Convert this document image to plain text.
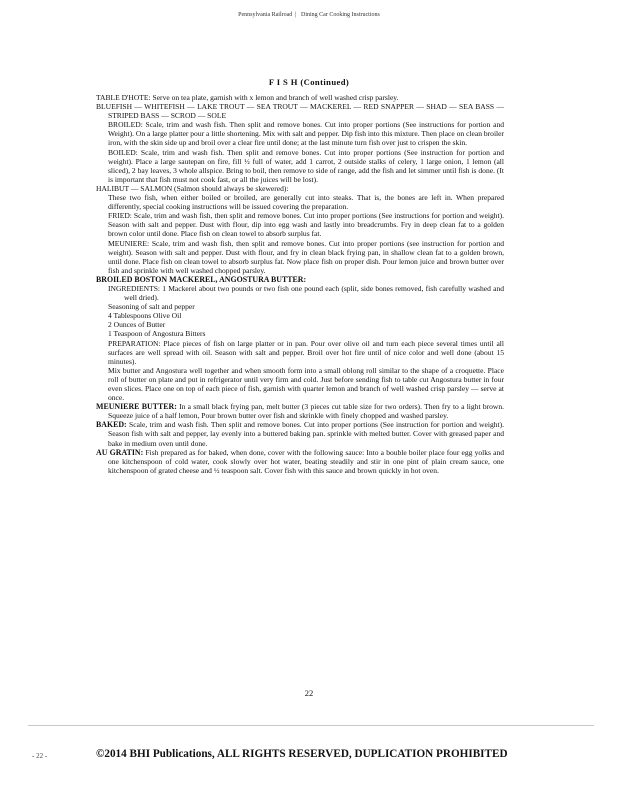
Pennsylvania Railroad  |   Dining Car Cooking Instructions
F I S H (Continued)

TABLE D'HOTE: Serve on tea plate, garnish with x lemon and branch of well washed crisp parsley.

BLUEFISH — WHITEFISH — LAKE TROUT — SEA TROUT — MACKEREL — RED SNAPPER — SHAD — SEA BASS — STRIPED BASS — SCROD — SOLE

BROILED: Scale, trim and wash fish. Then split and remove bones. Cut into proper portions (See instructions for portion and Weight). On a large platter pour a little shortening. Mix with salt and pepper. Dip fish into this mixture. Then place on clean broiler iron, with the skin side up and broil over a clear fire until done; at the last minute turn fish over just to crispen the skin.

BOILED: Scale, trim and wash fish. Then split and remove bones. Cut into proper portions (See instruction for portion and weight). Place a large sautepan on fire, fill ½ full of water, add 1 carrot, 2 outside stalks of celery, 1 large onion, 1 lemon (all sliced), 2 bay leaves, 3 whole allspice. Bring to boil, then remove to side of range, add the fish and let simmer until fish is done. (It is important that fish must not cook fast, or all the juices will be lost).

HALIBUT — SALMON (Salmon should always be skewered):

These two fish, when either boiled or broiled, are generally cut into steaks. That is, the bones are left in. When prepared differently, special cooking instructions will be issued covering the preparation.

FRIED: Scale, trim and wash fish, then split and remove bones. Cut into proper portions (See instructions for portion and weight). Season with salt and pepper. Dust with flour, dip into egg wash and lastly into breadcrumbs. Fry in deep clean fat to a golden brown color until done. Place fish on clean towel to absorb surplus fat.

MEUNIERE: Scale, trim and wash fish, then split and remove bones. Cut into proper portions (see instruction for portion and weight). Season with salt and pepper. Dust with flour, and fry in clean black frying pan, in shallow clean fat to a golden brown, until done. Place fish on clean towel to absorb surplus fat. Now place fish on proper dish. Pour lemon juice and brown butter over fish and sprinkle with well washed chopped parsley.

BROILED BOSTON MACKEREL, ANGOSTURA BUTTER:

INGREDIENTS: 1 Mackerel about two pounds or two fish one pound each (split, side bones removed, fish carefully washed and well dried).

Seasoning of salt and pepper

4 Tablespoons Olive Oil

2 Ounces of Butter

1 Teaspoon of Angostura Bitters

PREPARATION: Place pieces of fish on large platter or in pan. Pour over olive oil and turn each piece several times until all surfaces are well spread with oil. Season with salt and pepper. Broil over hot fire until of nice color and well done (about 15 minutes).

Mix butter and Angostura well together and when smooth form into a small oblong roll similar to the shape of a croquette. Place roll of butter on plate and put in refrigerator until very firm and cold. Just before sending fish to table cut Angostura butter in four even slices. Place one on top of each piece of fish, garnish with quarter lemon and branch of well washed crisp parsley — serve at once.

MEUNIERE BUTTER: In a small black frying pan, melt butter (3 pieces cut table size for two orders). Then fry to a light brown. Squeeze juice of a half lemon, Pour brown butter over fish and skrinkle with finely chopped and washed parsley.

BAKED: Scale, trim and wash fish. Then split and remove bones. Cut into proper portions (See instruction for portion and weight). Season fish with salt and pepper, lay evenly into a buttered baking pan. sprinkle with melted butter. Cover with greased paper and bake in medium oven until done.

AU GRATIN: Fish prepared as for baked, when done, cover with the following sauce: Into a bouble boiler place four egg yolks and one kitchenspoon of cold water, cook slowly over hot water, beating steadily and stir in one pint of plain cream sauce, one kitchenspoon of grated cheese and ½ teaspoon salt. Cover fish with this sauce and brown quickly in hot oven.

22
- 22 -	©2014 BHI Publications, ALL RIGHTS RESERVED, DUPLICATION PROHIBITED
